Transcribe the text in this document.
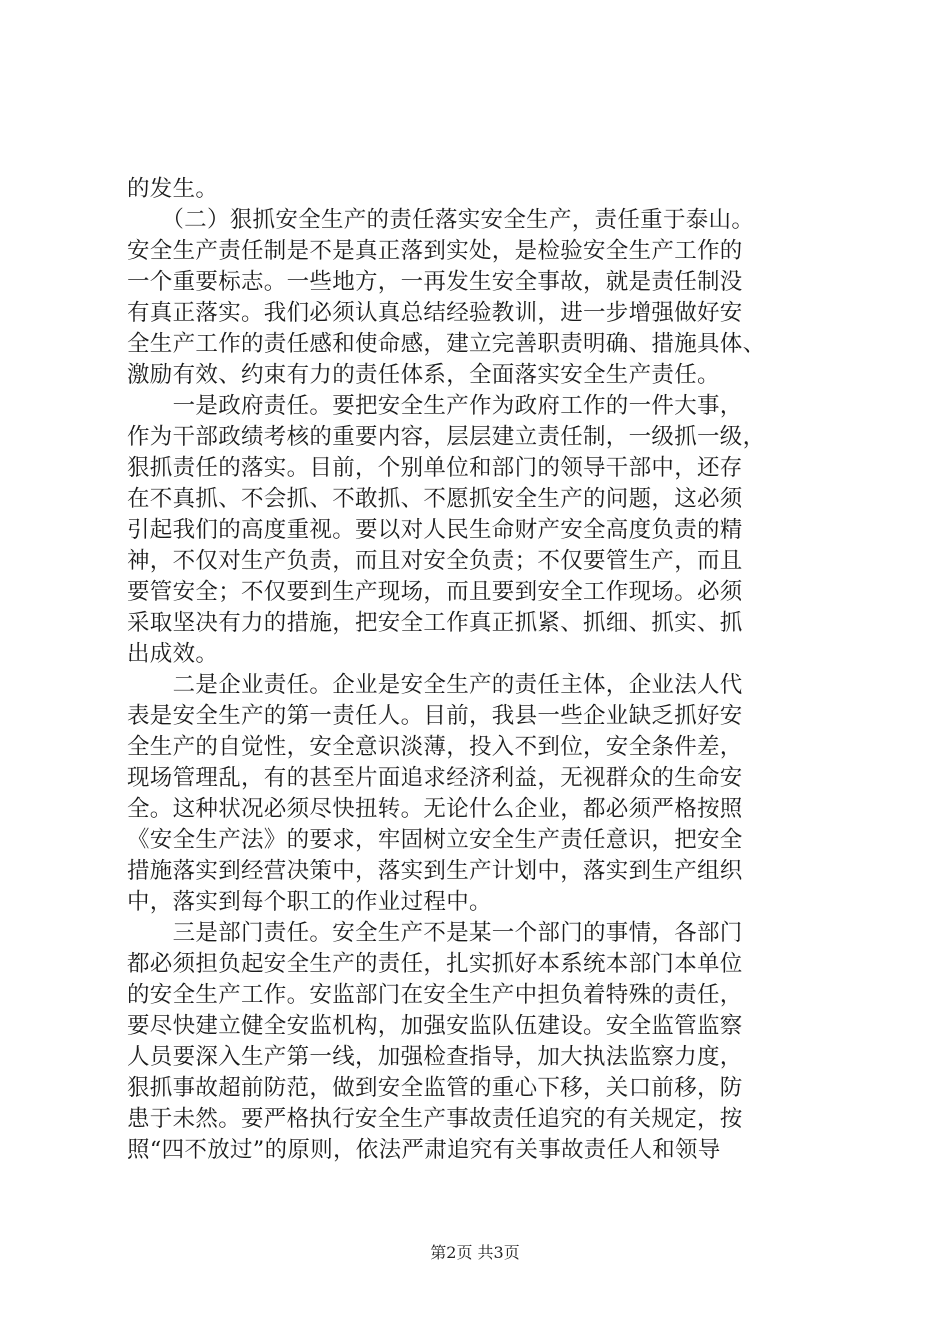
的发生。
　　（二）狠抓安全生产的责任落实安全生产，责任重于泰山。
安全生产责任制是不是真正落到实处，是检验安全生产工作的
一个重要标志。一些地方，一再发生安全事故，就是责任制没
有真正落实。我们必须认真总结经验教训，进一步增强做好安
全生产工作的责任感和使命感，建立完善职责明确、措施具体、
激励有效、约束有力的责任体系，全面落实安全生产责任。
　　一是政府责任。要把安全生产作为政府工作的一件大事，
作为干部政绩考核的重要内容，层层建立责任制，一级抓一级，
狠抓责任的落实。目前，个别单位和部门的领导干部中，还存
在不真抓、不会抓、不敢抓、不愿抓安全生产的问题，这必须
引起我们的高度重视。要以对人民生命财产安全高度负责的精
神，不仅对生产负责，而且对安全负责；不仅要管生产，而且
要管安全；不仅要到生产现场，而且要到安全工作现场。必须
采取坚决有力的措施，把安全工作真正抓紧、抓细、抓实、抓
出成效。
　　二是企业责任。企业是安全生产的责任主体，企业法人代
表是安全生产的第一责任人。目前，我县一些企业缺乏抓好安
全生产的自觉性，安全意识淡薄，投入不到位，安全条件差，
现场管理乱，有的甚至片面追求经济利益，无视群众的生命安
全。这种状况必须尽快扭转。无论什么企业，都必须严格按照
《安全生产法》的要求，牢固树立安全生产责任意识，把安全
措施落实到经营决策中，落实到生产计划中，落实到生产组织
中，落实到每个职工的作业过程中。
　　三是部门责任。安全生产不是某一个部门的事情，各部门
都必须担负起安全生产的责任，扎实抓好本系统本部门本单位
的安全生产工作。安监部门在安全生产中担负着特殊的责任，
要尽快建立健全安监机构，加强安监队伍建设。安全监管监察
人员要深入生产第一线，加强检查指导，加大执法监察力度，
狠抓事故超前防范，做到安全监管的重心下移，关口前移，防
患于未然。要严格执行安全生产事故责任追究的有关规定，按
照“四不放过”的原则，依法严肃追究有关事故责任人和领导
第2页 共3页
